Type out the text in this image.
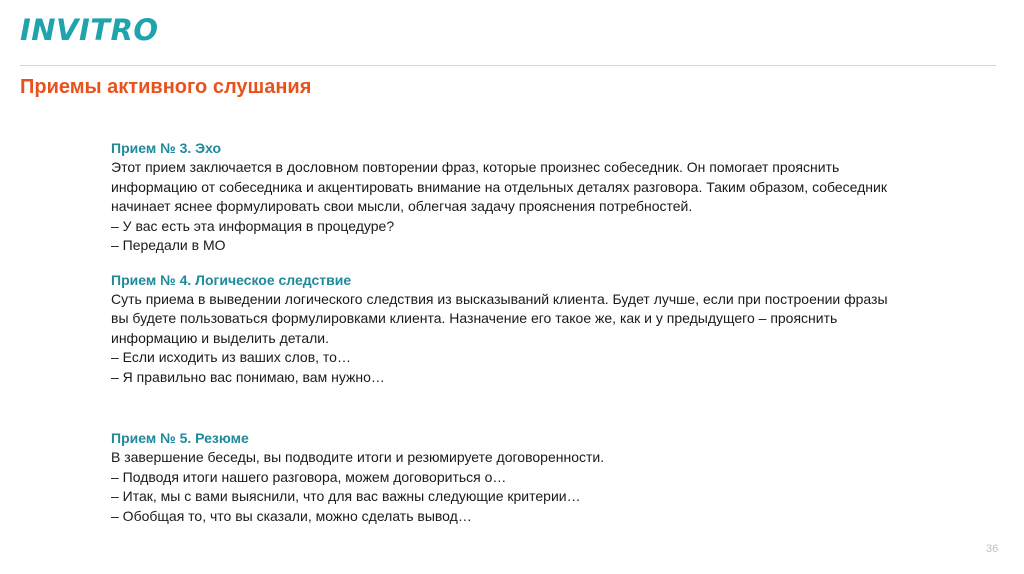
INVITRO

Приемы активного слушания

Прием № 3. Эхо

Этот прием заключается в дословном повторении фраз, которые произнес собеседник. Он помогает прояснить
информацию от собеседника и акцентировать внимание на отдельных деталях разговора. Таким образом, собеседник
начинает яснее формулировать свои мысли, облегчая задачу прояснения потребностей.
– У вас есть эта информация в процедуре?
– Передали в МО

Прием № 4. Логическое следствие

Суть приема в выведении логического следствия из высказываний клиента. Будет лучше, если при построении фразы
вы будете пользоваться формулировками клиента. Назначение его такое же, как и у предыдущего – прояснить
информацию и выделить детали.
– Если исходить из ваших слов, то…
– Я правильно вас понимаю, вам нужно…

Прием № 5. Резюме

В завершение беседы, вы подводите итоги и резюмируете договоренности.
– Подводя итоги нашего разговора, можем договориться о…
– Итак, мы с вами выяснили, что для вас важны следующие критерии…
– Обобщая то, что вы сказали, можно сделать вывод…

36
